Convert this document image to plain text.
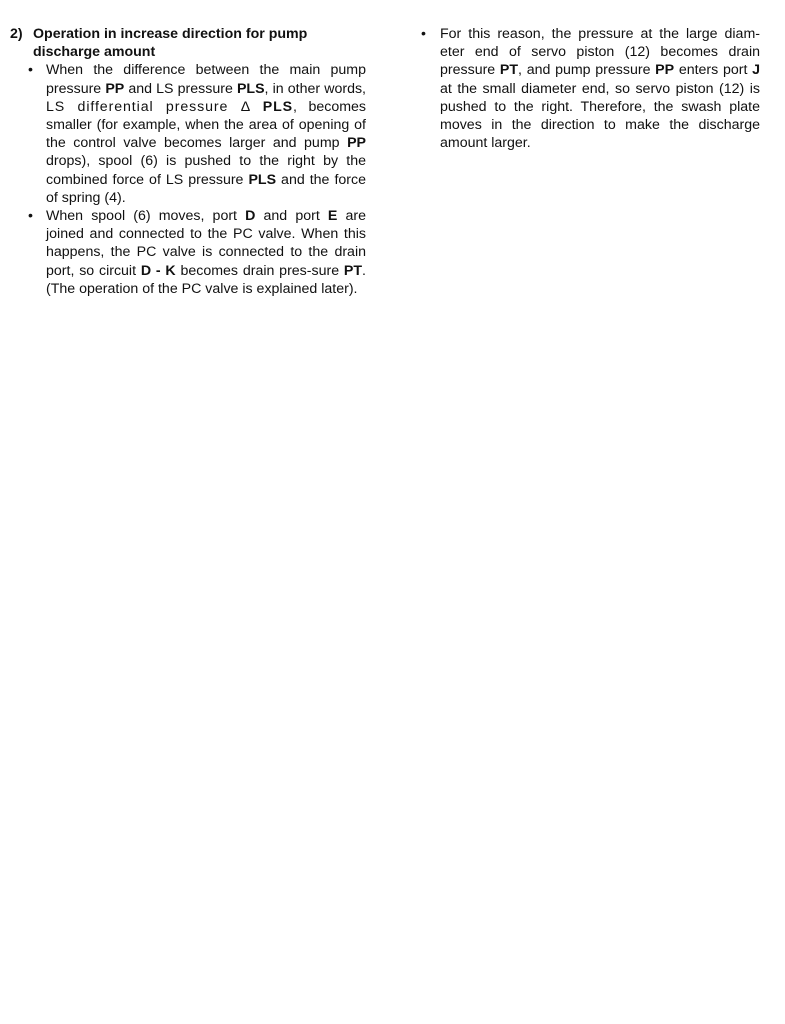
2) Operation in increase direction for pump discharge amount
• When the difference between the main pump pressure PP and LS pressure PLS, in other words, LS differential pressure Δ PLS, becomes smaller (for example, when the area of opening of the control valve becomes larger and pump PP drops), spool (6) is pushed to the right by the combined force of LS pressure PLS and the force of spring (4).
• When spool (6) moves, port D and port E are joined and connected to the PC valve. When this happens, the PC valve is connected to the drain port, so circuit D - K becomes drain pres-sure PT. (The operation of the PC valve is explained later).
• For this reason, the pressure at the large diam-eter end of servo piston (12) becomes drain pressure PT, and pump pressure PP enters port J at the small diameter end, so servo piston (12) is pushed to the right. Therefore, the swash plate moves in the direction to make the discharge amount larger.
